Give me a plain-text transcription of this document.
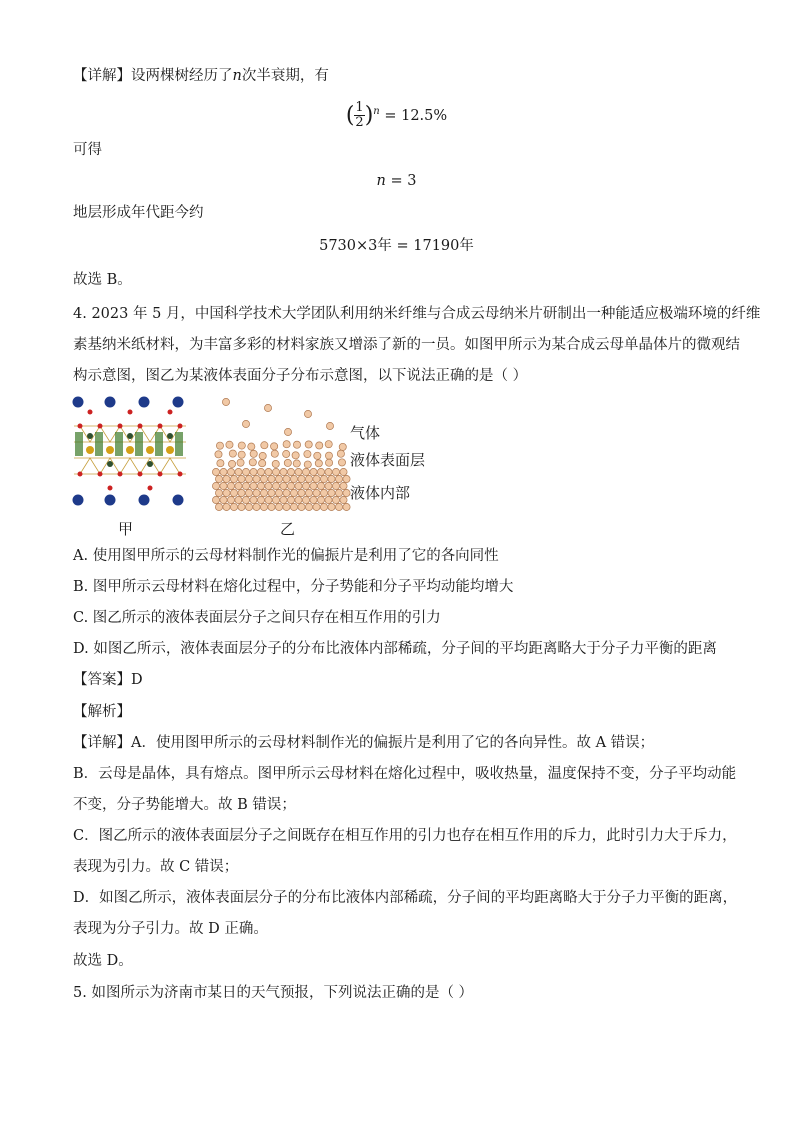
【详解】设两棵树经历了n次半衰期，有
( $\frac{1}{2} )^n = 12.5\%$
可得
n = 3
地层形成年代距今约
5730×3年 = 17190年
故选 B。
4. 2023 年 5 月，中国科学技术大学团队利用纳米纤维与合成云母纳米片研制出一种能适应极端环境的纤维
素基纳米纸材料，为丰富多彩的材料家族又增添了新的一员。如图甲所示为某合成云母单晶体片的微观结
构示意图，图乙为某液体表面分子分布示意图，以下说法正确的是（ ）
甲	乙
气体
液体表面层
液体内部
A. 使用图甲所示的云母材料制作光的偏振片是利用了它的各向同性
B. 图甲所示云母材料在熔化过程中，分子势能和分子平均动能均增大
C. 图乙所示的液体表面层分子之间只存在相互作用的引力
D. 如图乙所示，液体表面层分子的分布比液体内部稀疏，分子间的平均距离略大于分子力平衡的距离
【答案】D
【解析】
【详解】A．使用图甲所示的云母材料制作光的偏振片是利用了它的各向异性。故 A 错误；
B．云母是晶体，具有熔点。图甲所示云母材料在熔化过程中，吸收热量，温度保持不变，分子平均动能
不变，分子势能增大。故 B 错误；
C．图乙所示的液体表面层分子之间既存在相互作用的引力也存在相互作用的斥力，此时引力大于斥力，
表现为引力。故 C 错误；
D．如图乙所示，液体表面层分子的分布比液体内部稀疏，分子间的平均距离略大于分子力平衡的距离，
表现为分子引力。故 D 正确。
故选 D。
5. 如图所示为济南市某日的天气预报，下列说法正确的是（ ）
